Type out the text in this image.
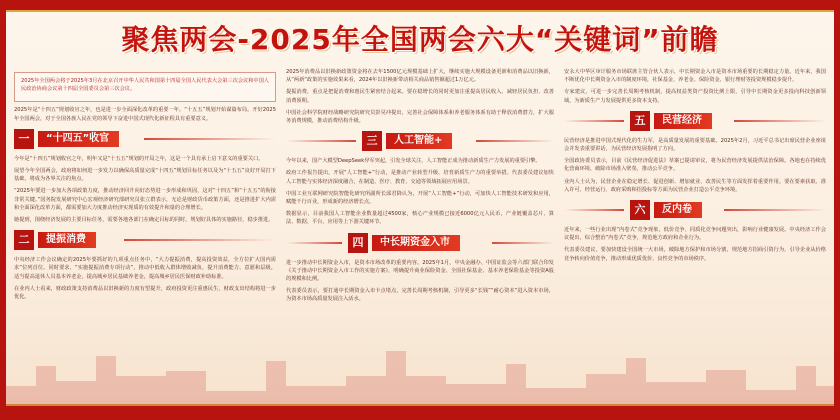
聚焦两会-2025年全国两会六大“关键词”前瞻
2025年全国两会将于2025年3月在北京召开中华人民共和国第十四届全国人民代表大会第三次会议和中国人民政治协商会议第十四届全国委员会第三次会议。
2025年是“十四五”规划收官之年，也是进一步全面深化改革的重要一年。“十五五”规划开始谋篇布局。开好2025年全国两会，对于全国各族人民在党的领导下奋进中国式现代化新征程具有重要意义。
一	“十四五”收官
今年是“十四五”规划收官之年，明年又是“十五五”规划的开局之年，这是一个具有承上启下意义的重要关口。
展望今年全国两会，政府将如何进一步发力以确保高质量完成“十四五”规划目标任务以及为“十五五”良好开局打下基础，将成为各界关注的焦点。
“2025年要进一步加大各项政策力度，推动经济回升向好态势进一步形成和巩固，这对“十四五”和“十五五”的衔接非常关键。”国务院发展研究中心宏观经济研究部研究员张立群表示，无论是财政货币政策方面，还是推进扩大内需和全面深化改革方面，都需要加大力度推动经济实现质的有效提升和量的合理增长。
她提到，围绕经济发展的主要目标任务，需要各地各部门在确定目标的同时，规划好具体的实施路径，稳步推进。
二	提振消费
中央经济工作会议确定的2025年要抓好的九项重点任务中，“大力提振消费，提高投资效益，全方位扩大国内需求”位列首位。同时要求，“实施提振消费专项行动”，推动中低收入群体增收减负，提升消费能力、意愿和层级。适当提高退休人员基本养老金，提高城乡居民基础养老金，提高城乡居民医保财政补助标准。
在业内人士看来，财政政策支持消费品以旧换新的力度有望提升，政府投资更注重惠民生，财政支出结构将进一步优化。
2025年消费品以旧换新政策资金将在去年1500亿元规模基础上扩大，继续实施大规模设备更新和消费品以旧换新，从“两新”政策的实施效果来看，2024年以旧换新带动相关商品销售额超过1万亿元。
提振消费，重点是把促消费和惠民生紧密结合起来。要在稳增长的同时更加注重提高居民收入、减轻居民负担、改善消费预期。
中国社会科学院财经战略研究院研究员彭昊冲提出，完善社会保障体系和养老服务体系有助于释放消费潜力，扩大服务消费规模，推动消费结构升级。
三	人工智能+
今年以来，国产大模型DeepSeek异军突起，引发全球关注，人工智能正成为推动新质生产力发展的重要引擎。
政府工作报告提出，开展“人工智能+”行动，是推动产业转型升级、培育新质生产力的重要举措。代表委员建议加快人工智能与实体经济深度融合，在制造、医疗、教育、交通等领域拓展应用场景。
中国工业互联网研究院智能化研究所副所长邱君降认为，开展“人工智能+”行动，可加快人工智能技术研发和应用，赋能千行百业，形成新的经济增长点。
数据显示，目前我国人工智能企业数量超过4500家，核心产业规模已接近6000亿元人民币，产业链覆盖芯片、算法、数据、平台、应用等上下游关键环节。
四	中长期资金入市
进一步推动中长期资金入市，是资本市场改革的重要内容。2025年1月，中央金融办、中国证监会等六部门联合印发《关于推动中长期资金入市工作的实施方案》，明确提升商业保险资金、全国社保基金、基本养老保险基金等投资A股的规模和比例。
代表委员表示，要打通中长期资金入市卡点堵点，完善长周期考核机制，引导更多“长钱”“耐心资本”进入资本市场，为资本市场高质量发展注入活水。
安永大中华区审计服务市场联席主管合伙人表示，中长期资金入市是资本市场重要的长期稳定力量。近年来，我国不断优化中长期资金入市的制度环境，社保基金、养老金、保险资金、银行理财等投资规模稳步提升。
专家建议，可进一步完善长周期考核机制，提高权益类资产投资比例上限，引导中长期资金更多投向科技创新领域，为新质生产力发展提供更多资本支持。
五	民营经济
民营经济是推进中国式现代化的生力军，是高质量发展的重要基础。2025年2月，习近平总书记出席民营企业座谈会并发表重要讲话，为民营经济发展指明了方向。
全国政协委员表示，目前《民营经济促进法》草案已提请审议，将为民营经济发展提供法治保障。各地也在持续优化营商环境，破除市场准入壁垒，推动公平竞争。
业内人士认为，民营企业在稳定增长、促进创新、增加就业、改善民生等方面发挥着重要作用。要在要素获取、准入许可、经营运行、政府采购和招投标等方面为民营企业打造公平竞争环境。
六	反内卷
近年来，一些行业出现“内卷式”竞争现象，低价竞争、同质化竞争问题突出，影响行业健康发展。中央经济工作会议提出，综合整治“内卷式”竞争，规范地方政府和企业行为。
代表委员建议，要加快建设全国统一大市场，破除地方保护和市场分割，规范地方招商引资行为，引导企业从价格竞争转向价值竞争，推动形成优质优价、良性竞争的市场秩序。
